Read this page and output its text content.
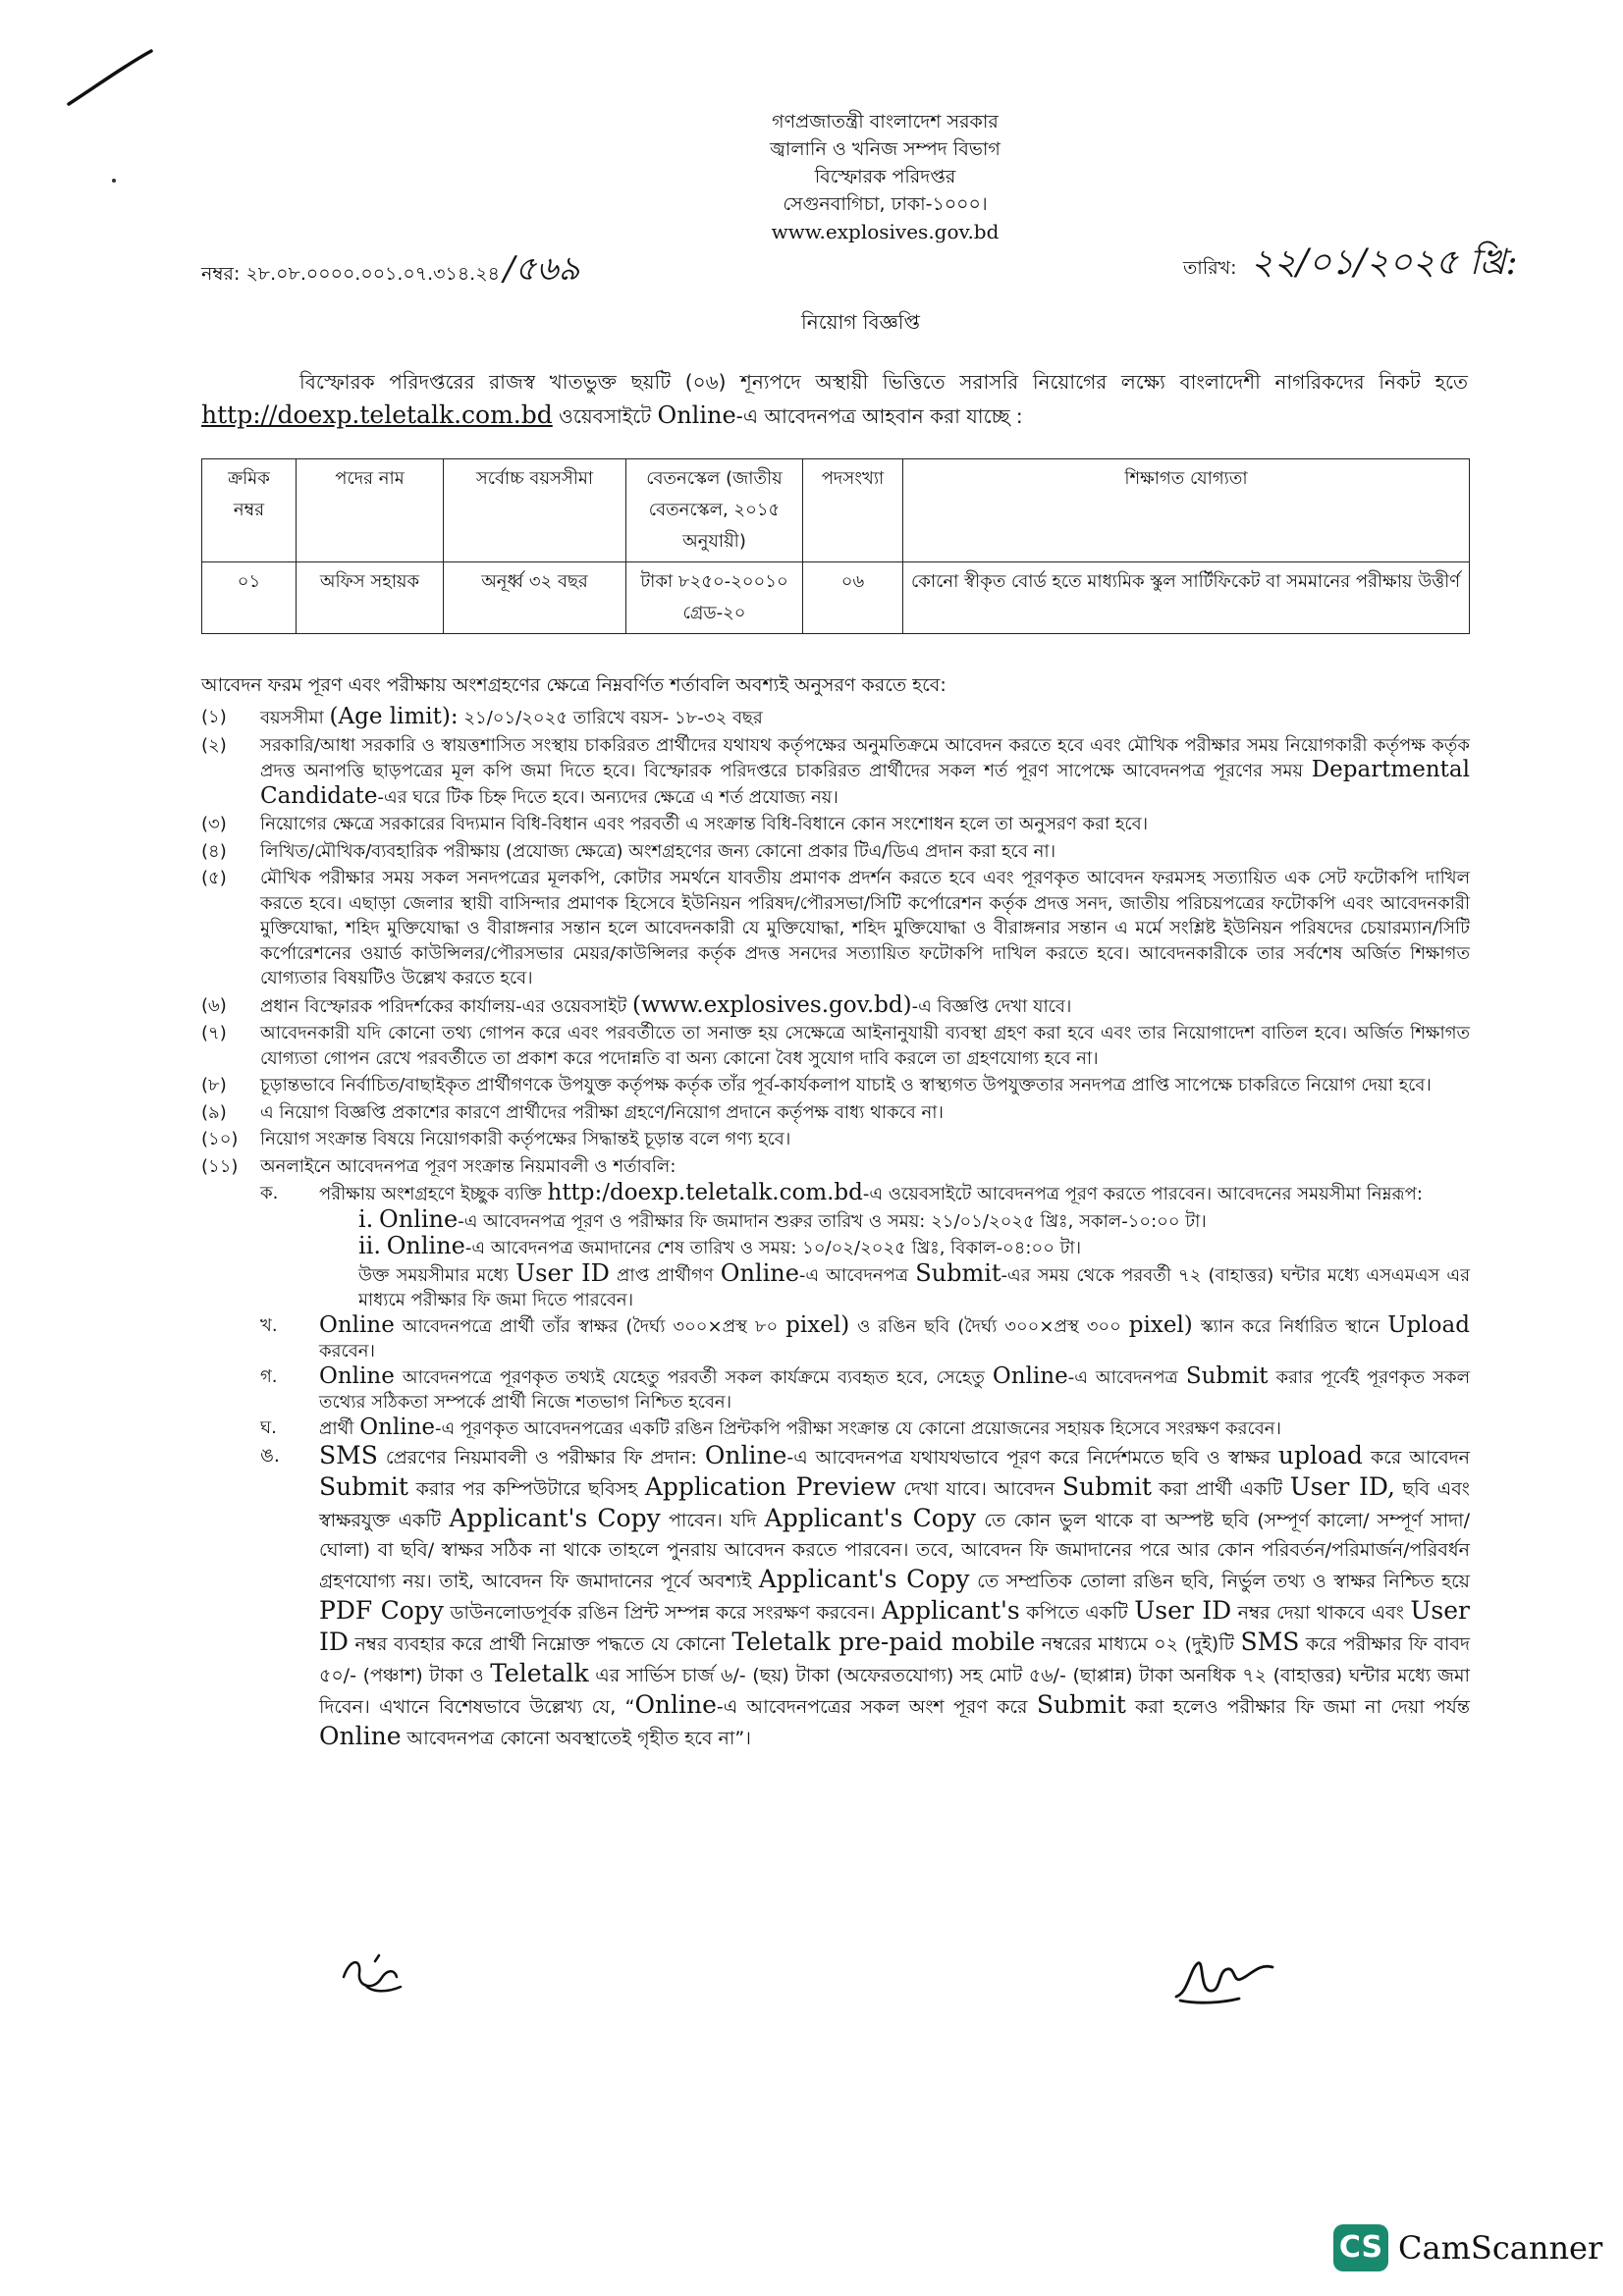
গণপ্রজাতন্ত্রী বাংলাদেশ সরকার
জ্বালানি ও খনিজ সম্পদ বিভাগ
বিস্ফোরক পরিদপ্তর
সেগুনবাগিচা, ঢাকা-১০০০।
www.explosives.gov.bd
নম্বর: ২৮.০৮.০০০০.০০১.০৭.৩১৪.২৪ /৫৬৯	তারিখ: ২২/০১/২০২৫ খ্রি:
নিয়োগ বিজ্ঞপ্তি
বিস্ফোরক পরিদপ্তরের রাজস্ব খাতভুক্ত ছয়টি (০৬) শূন্যপদে অস্থায়ী ভিত্তিতে সরাসরি নিয়োগের লক্ষ্যে বাংলাদেশী নাগরিকদের নিকট হতে http://doexp.teletalk.com.bd ওয়েবসাইটে Online-এ আবেদনপত্র আহবান করা যাচ্ছে :
ক্রমিক নম্বর	পদের নাম	সর্বোচ্চ বয়সসীমা	বেতনস্কেল (জাতীয় বেতনস্কেল, ২০১৫ অনুযায়ী)	পদসংখ্যা	শিক্ষাগত যোগ্যতা
০১	অফিস সহায়ক	অনূর্ধ্ব ৩২ বছর	টাকা ৮২৫০-২০০১০ গ্রেড-২০	০৬	কোনো স্বীকৃত বোর্ড হতে মাধ্যমিক স্কুল সার্টিফিকেট বা সমমানের পরীক্ষায় উত্তীর্ণ
আবেদন ফরম পূরণ এবং পরীক্ষায় অংশগ্রহণের ক্ষেত্রে নিম্নবর্ণিত শর্তাবলি অবশ্যই অনুসরণ করতে হবে:
(১)	বয়সসীমা (Age limit): ২১/০১/২০২৫ তারিখে বয়স- ১৮-৩২ বছর
(২)	সরকারি/আধা সরকারি ও স্বায়ত্তশাসিত সংস্থায় চাকরিরত প্রার্থীদের যথাযথ কর্তৃপক্ষের অনুমতিক্রমে আবেদন করতে হবে এবং মৌখিক পরীক্ষার সময় নিয়োগকারী কর্তৃপক্ষ কর্তৃক প্রদত্ত অনাপত্তি ছাড়পত্রের মূল কপি জমা দিতে হবে। বিস্ফোরক পরিদপ্তরে চাকরিরত প্রার্থীদের সকল শর্ত পূরণ সাপেক্ষে আবেদনপত্র পূরণের সময় Departmental Candidate-এর ঘরে টিক চিহ্ন দিতে হবে। অন্যদের ক্ষেত্রে এ শর্ত প্রযোজ্য নয়।
(৩)	নিয়োগের ক্ষেত্রে সরকারের বিদ্যমান বিধি-বিধান এবং পরবর্তী এ সংক্রান্ত বিধি-বিধানে কোন সংশোধন হলে তা অনুসরণ করা হবে।
(৪)	লিখিত/মৌখিক/ব্যবহারিক পরীক্ষায় (প্রযোজ্য ক্ষেত্রে) অংশগ্রহণের জন্য কোনো প্রকার টিএ/ডিএ প্রদান করা হবে না।
(৫)	মৌখিক পরীক্ষার সময় সকল সনদপত্রের মূলকপি, কোটার সমর্থনে যাবতীয় প্রমাণক প্রদর্শন করতে হবে এবং পূরণকৃত আবেদন ফরমসহ সত্যায়িত এক সেট ফটোকপি দাখিল করতে হবে। এছাড়া জেলার স্থায়ী বাসিন্দার প্রমাণক হিসেবে ইউনিয়ন পরিষদ/পৌরসভা/সিটি কর্পোরেশন কর্তৃক প্রদত্ত সনদ, জাতীয় পরিচয়পত্রের ফটোকপি এবং আবেদনকারী মুক্তিযোদ্ধা, শহিদ মুক্তিযোদ্ধা ও বীরাঙ্গনার সন্তান হলে আবেদনকারী যে মুক্তিযোদ্ধা, শহিদ মুক্তিযোদ্ধা ও বীরাঙ্গনার সন্তান এ মর্মে সংশ্লিষ্ট ইউনিয়ন পরিষদের চেয়ারম্যান/সিটি কর্পোরেশনের ওয়ার্ড কাউন্সিলর/পৌরসভার মেয়র/কাউন্সিলর কর্তৃক প্রদত্ত সনদের সত্যায়িত ফটোকপি দাখিল করতে হবে। আবেদনকারীকে তার সর্বশেষ অর্জিত শিক্ষাগত যোগ্যতার বিষয়টিও উল্লেখ করতে হবে।
(৬)	প্রধান বিস্ফোরক পরিদর্শকের কার্যালয়-এর ওয়েবসাইট (www.explosives.gov.bd)-এ বিজ্ঞপ্তি দেখা যাবে।
(৭)	আবেদনকারী যদি কোনো তথ্য গোপন করে এবং পরবর্তীতে তা সনাক্ত হয় সেক্ষেত্রে আইনানুযায়ী ব্যবস্থা গ্রহণ করা হবে এবং তার নিয়োগাদেশ বাতিল হবে। অর্জিত শিক্ষাগত যোগ্যতা গোপন রেখে পরবর্তীতে তা প্রকাশ করে পদোন্নতি বা অন্য কোনো বৈধ সুযোগ দাবি করলে তা গ্রহণযোগ্য হবে না।
(৮)	চূড়ান্তভাবে নির্বাচিত/বাছাইকৃত প্রার্থীগণকে উপযুক্ত কর্তৃপক্ষ কর্তৃক তাঁর পূর্ব-কার্যকলাপ যাচাই ও স্বাস্থ্যগত উপযুক্ততার সনদপত্র প্রাপ্তি সাপেক্ষে চাকরিতে নিয়োগ দেয়া হবে।
(৯)	এ নিয়োগ বিজ্ঞপ্তি প্রকাশের কারণে প্রার্থীদের পরীক্ষা গ্রহণে/নিয়োগ প্রদানে কর্তৃপক্ষ বাধ্য থাকবে না।
(১০)	নিয়োগ সংক্রান্ত বিষয়ে নিয়োগকারী কর্তৃপক্ষের সিদ্ধান্তই চূড়ান্ত বলে গণ্য হবে।
(১১)	অনলাইনে আবেদনপত্র পূরণ সংক্রান্ত নিয়মাবলী ও শর্তাবলি:
ক.	পরীক্ষায় অংশগ্রহণে ইচ্ছুক ব্যক্তি http:/doexp.teletalk.com.bd-এ ওয়েবসাইটে আবেদনপত্র পূরণ করতে পারবেন। আবেদনের সময়সীমা নিম্নরূপ:
i. Online-এ আবেদনপত্র পূরণ ও পরীক্ষার ফি জমাদান শুরুর তারিখ ও সময়: ২১/০১/২০২৫ খ্রিঃ, সকাল-১০:০০ টা।
ii. Online-এ আবেদনপত্র জমাদানের শেষ তারিখ ও সময়: ১০/০২/২০২৫ খ্রিঃ, বিকাল-০৪:০০ টা।
উক্ত সময়সীমার মধ্যে User ID প্রাপ্ত প্রার্থীগণ Online-এ আবেদনপত্র Submit-এর সময় থেকে পরবর্তী ৭২ (বাহাত্তর) ঘন্টার মধ্যে এসএমএস এর মাধ্যমে পরীক্ষার ফি জমা দিতে পারবেন।
খ.	Online আবেদনপত্রে প্রার্থী তাঁর স্বাক্ষর (দৈর্ঘ্য ৩০০×প্রস্থ ৮০ pixel) ও রঙিন ছবি (দৈর্ঘ্য ৩০০×প্রস্থ ৩০০ pixel) স্ক্যান করে নির্ধারিত স্থানে Upload করবেন।
গ.	Online আবেদনপত্রে পূরণকৃত তথ্যই যেহেতু পরবর্তী সকল কার্যক্রমে ব্যবহৃত হবে, সেহেতু Online-এ আবেদনপত্র Submit করার পূর্বেই পূরণকৃত সকল তথ্যের সঠিকতা সম্পর্কে প্রার্থী নিজে শতভাগ নিশ্চিত হবেন।
ঘ.	প্রার্থী Online-এ পূরণকৃত আবেদনপত্রের একটি রঙিন প্রিন্টকপি পরীক্ষা সংক্রান্ত যে কোনো প্রয়োজনের সহায়ক হিসেবে সংরক্ষণ করবেন।
ঙ.	SMS প্রেরণের নিয়মাবলী ও পরীক্ষার ফি প্রদান: Online-এ আবেদনপত্র যথাযথভাবে পূরণ করে নির্দেশমতে ছবি ও স্বাক্ষর upload করে আবেদন Submit করার পর কম্পিউটারে ছবিসহ Application Preview দেখা যাবে। আবেদন Submit করা প্রার্থী একটি User ID, ছবি এবং স্বাক্ষরযুক্ত একটি Applicant's Copy পাবেন। যদি Applicant's Copy তে কোন ভুল থাকে বা অস্পষ্ট ছবি (সম্পূর্ণ কালো/ সম্পূর্ণ সাদা/ ঘোলা) বা ছবি/ স্বাক্ষর সঠিক না থাকে তাহলে পুনরায় আবেদন করতে পারবেন। তবে, আবেদন ফি জমাদানের পরে আর কোন পরিবর্তন/পরিমার্জন/পরিবর্ধন গ্রহণযোগ্য নয়। তাই, আবেদন ফি জমাদানের পূর্বে অবশ্যই Applicant's Copy তে সম্প্রতিক তোলা রঙিন ছবি, নির্ভুল তথ্য ও স্বাক্ষর নিশ্চিত হয়ে PDF Copy ডাউনলোডপূর্বক রঙিন প্রিন্ট সম্পন্ন করে সংরক্ষণ করবেন। Applicant's কপিতে একটি User ID নম্বর দেয়া থাকবে এবং User ID নম্বর ব্যবহার করে প্রার্থী নিম্নোক্ত পদ্ধতে যে কোনো Teletalk pre-paid mobile নম্বরের মাধ্যমে ০২ (দুই)টি SMS করে পরীক্ষার ফি বাবদ ৫০/- (পঞ্চাশ) টাকা ও Teletalk এর সার্ভিস চার্জ ৬/- (ছয়) টাকা (অফেরতযোগ্য) সহ মোট ৫৬/- (ছাপ্পান্ন) টাকা অনধিক ৭২ (বাহাত্তর) ঘন্টার মধ্যে জমা দিবেন। এখানে বিশেষভাবে উল্লেখ্য যে, “Online-এ আবেদনপত্রের সকল অংশ পূরণ করে Submit করা হলেও পরীক্ষার ফি জমা না দেয়া পর্যন্ত Online আবেদনপত্র কোনো অবস্থাতেই গৃহীত হবে না”।
CS CamScanner
